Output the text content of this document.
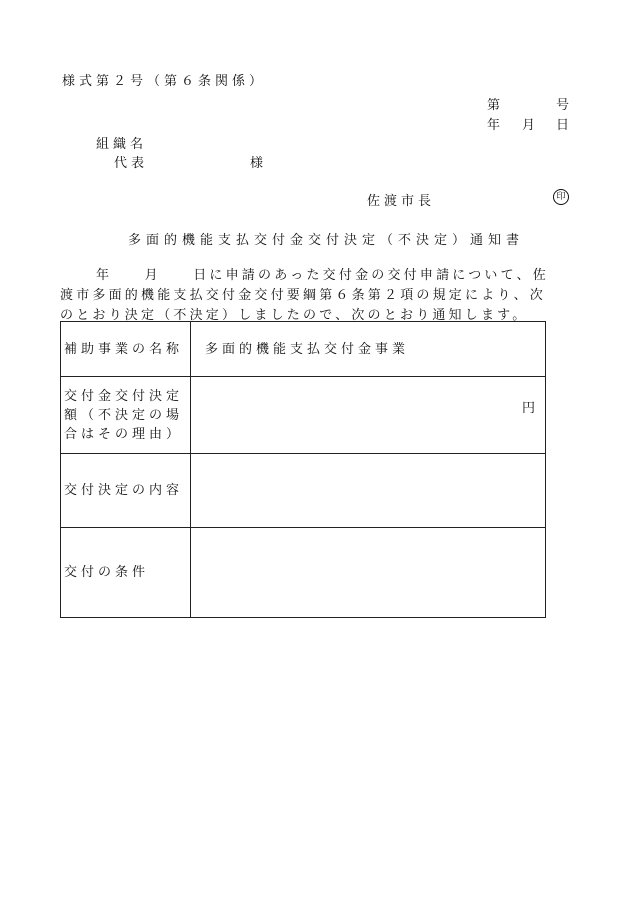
様式第２号（第６条関係）
第	号
年 月 日
組織名
代表	様
佐渡市長	印
多面的機能支払交付金交付決定（不決定）通知書
年　　月　　日に申請のあった交付金の交付申請について、佐
渡市多面的機能支払交付金交付要綱第６条第２項の規定により、次
のとおり決定（不決定）しましたので、次のとおり通知します。
補助事業の名称	多面的機能支払交付金事業
交付金交付決定額（不決定の場合はその理由）	円

交付決定の内容	
交付の条件	
